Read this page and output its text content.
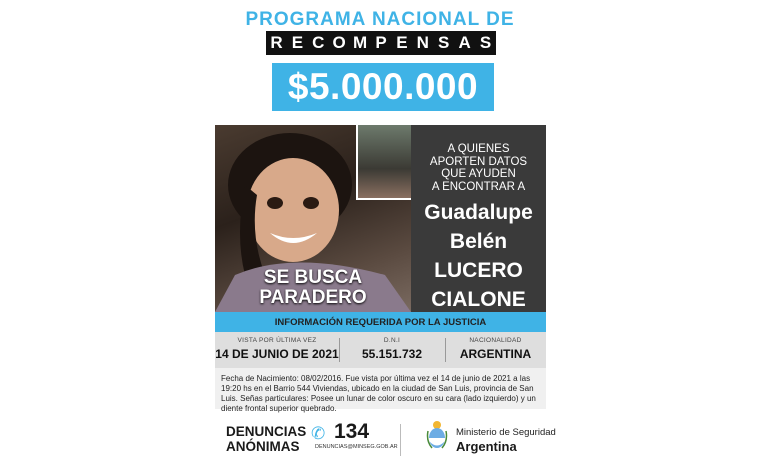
PROGRAMA NACIONAL DE
R E C O M P E N S A S
$5.000.000
SE BUSCA
PARADERO
A QUIENES
APORTEN DATOS
QUE AYUDEN
A ENCONTRAR A
Guadalupe
Belén
LUCERO
CIALONE
INFORMACIÓN REQUERIDA POR LA JUSTICIA
VISTA POR ÚLTIMA VEZ
14 DE JUNIO DE 2021
D.N.I
55.151.732
NACIONALIDAD
ARGENTINA
Fecha de Nacimiento: 08/02/2016. Fue vista por última vez el 14 de junio de 2021 a las 19:20 hs en el Barrio 544 Viviendas, ubicado en la ciudad de San Luis, provincia de San Luis. Señas particulares: Posee un lunar de color oscuro en su cara (lado izquierdo) y un diente frontal superior quebrado.
DENUNCIAS
ANÓNIMAS
✆ 134
DENUNCIAS@MINSEG.GOB.AR
Ministerio de Seguridad
Argentina
